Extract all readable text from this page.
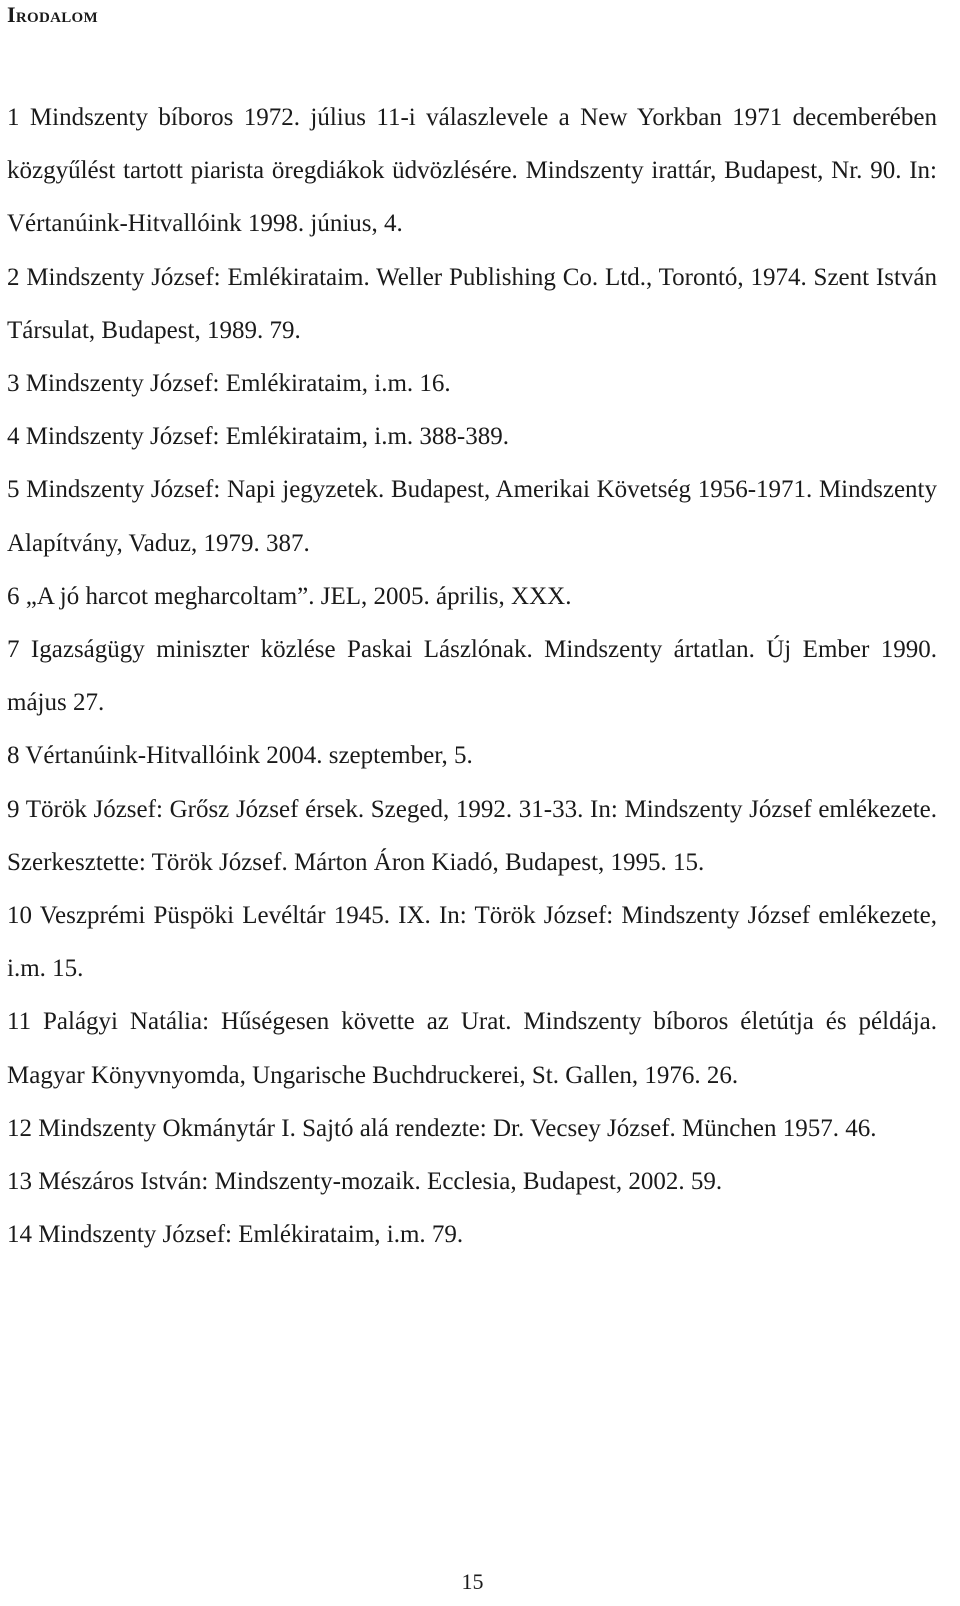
Irodalom

1 Mindszenty bíboros 1972. július 11-i válaszlevele a New Yorkban 1971 decemberében közgyűlést tartott piarista öregdiákok üdvözlésére. Mindszenty irattár, Budapest, Nr. 90. In: Vértanúink-Hitvallóink 1998. június, 4.

2 Mindszenty József: Emlékirataim. Weller Publishing Co. Ltd., Torontó, 1974. Szent István Társulat, Budapest, 1989. 79.

3 Mindszenty József: Emlékirataim, i.m. 16.

4 Mindszenty József: Emlékirataim, i.m. 388-389.

5 Mindszenty József: Napi jegyzetek. Budapest, Amerikai Követség 1956-1971. Mindszenty Alapítvány, Vaduz, 1979. 387.

6 „A jó harcot megharcoltam”. JEL, 2005. április, XXX.

7 Igazságügy miniszter közlése Paskai Lászlónak. Mindszenty ártatlan. Új Ember 1990. május 27.

8 Vértanúink-Hitvallóink 2004. szeptember, 5.

9 Török József: Grősz József érsek. Szeged, 1992. 31-33. In: Mindszenty József emlékezete. Szerkesztette: Török József. Márton Áron Kiadó, Budapest, 1995. 15.

10 Veszprémi Püspöki Levéltár 1945. IX. In: Török József: Mindszenty József emlékezete, i.m. 15.

11 Palágyi Natália: Hűségesen követte az Urat. Mindszenty bíboros életútja és példája. Magyar Könyvnyomda, Ungarische Buchdruckerei, St. Gallen, 1976. 26.

12 Mindszenty Okmánytár I. Sajtó alá rendezte: Dr. Vecsey József. München 1957. 46.

13 Mészáros István: Mindszenty-mozaik. Ecclesia, Budapest, 2002. 59.

14 Mindszenty József: Emlékirataim, i.m. 79.

15
